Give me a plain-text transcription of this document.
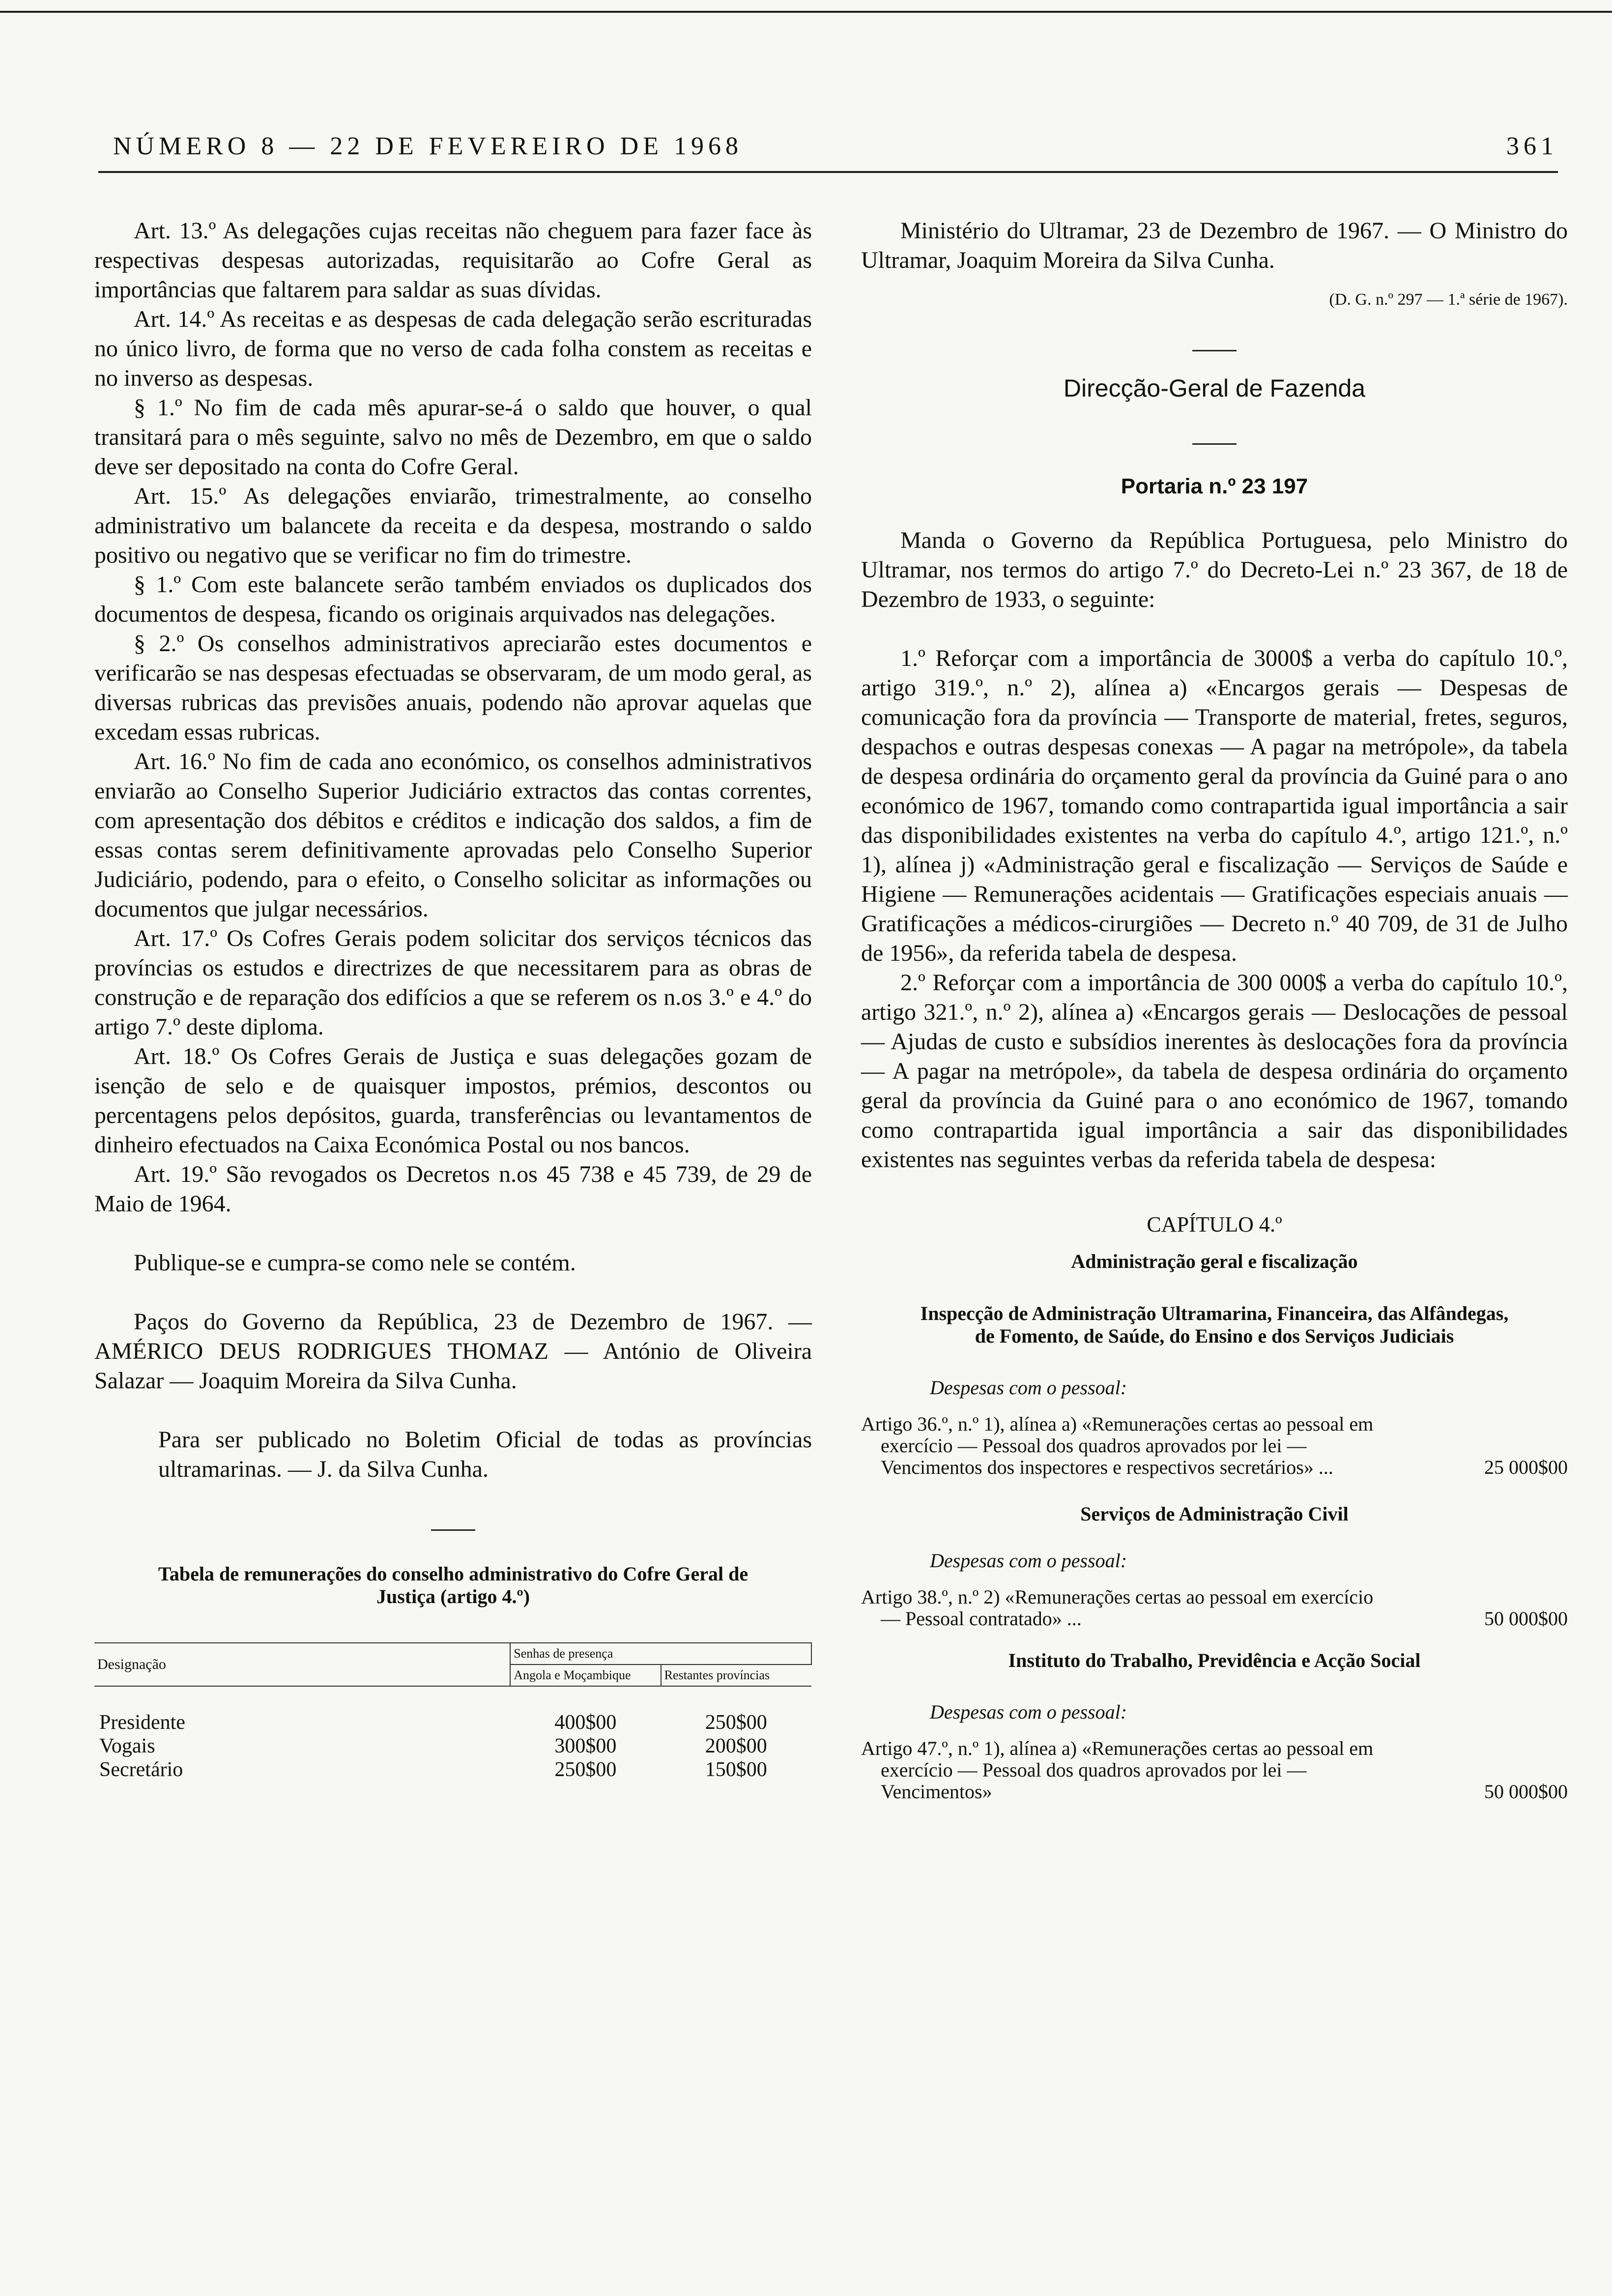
NÚMERO 8 — 22 DE FEVEREIRO DE 1968	361

Art. 13.º As delegações cujas receitas não cheguem para fazer face às respectivas despesas autorizadas, requisitarão ao Cofre Geral as importâncias que faltarem para saldar as suas dívidas.

Art. 14.º As receitas e as despesas de cada delegação serão escrituradas no único livro, de forma que no verso de cada folha constem as receitas e no inverso as despesas.

§ 1.º No fim de cada mês apurar-se-á o saldo que houver, o qual transitará para o mês seguinte, salvo no mês de Dezembro, em que o saldo deve ser depositado na conta do Cofre Geral.

Art. 15.º As delegações enviarão, trimestralmente, ao conselho administrativo um balancete da receita e da despesa, mostrando o saldo positivo ou negativo que se verificar no fim do trimestre.

§ 1.º Com este balancete serão também enviados os duplicados dos documentos de despesa, ficando os originais arquivados nas delegações.

§ 2.º Os conselhos administrativos apreciarão estes documentos e verificarão se nas despesas efectuadas se observaram, de um modo geral, as diversas rubricas das previsões anuais, podendo não aprovar aquelas que excedam essas rubricas.

Art. 16.º No fim de cada ano económico, os conselhos administrativos enviarão ao Conselho Superior Judiciário extractos das contas correntes, com apresentação dos débitos e créditos e indicação dos saldos, a fim de essas contas serem definitivamente aprovadas pelo Conselho Superior Judiciário, podendo, para o efeito, o Conselho solicitar as informações ou documentos que julgar necessários.

Art. 17.º Os Cofres Gerais podem solicitar dos serviços técnicos das províncias os estudos e directrizes de que necessitarem para as obras de construção e de reparação dos edifícios a que se referem os n.os 3.º e 4.º do artigo 7.º deste diploma.

Art. 18.º Os Cofres Gerais de Justiça e suas delegações gozam de isenção de selo e de quaisquer impostos, prémios, descontos ou percentagens pelos depósitos, guarda, transferências ou levantamentos de dinheiro efectuados na Caixa Económica Postal ou nos bancos.

Art. 19.º São revogados os Decretos n.os 45 738 e 45 739, de 29 de Maio de 1964.

Publique-se e cumpra-se como nele se contém.

Paços do Governo da República, 23 de Dezembro de 1967. — AMÉRICO DEUS RODRIGUES THOMAZ — António de Oliveira Salazar — Joaquim Moreira da Silva Cunha.

Para ser publicado no Boletim Oficial de todas as províncias ultramarinas. — J. da Silva Cunha.

Tabela de remunerações do conselho administrativo do Cofre Geral de Justiça (artigo 4.º)
Designação	Senhas de presença	
	Angola e Moçambique	Restantes províncias

Presidente	400$00	250$00
Vogais	300$00	200$00
Secretário	250$00	150$00

Ministério do Ultramar, 23 de Dezembro de 1967. — O Ministro do Ultramar, Joaquim Moreira da Silva Cunha.

(D. G. n.º 297 — 1.ª série de 1967).

Direcção-Geral de Fazenda

Portaria n.º 23 197

Manda o Governo da República Portuguesa, pelo Ministro do Ultramar, nos termos do artigo 7.º do Decreto-Lei n.º 23 367, de 18 de Dezembro de 1933, o seguinte:

1.º Reforçar com a importância de 3000$ a verba do capítulo 10.º, artigo 319.º, n.º 2), alínea a) «Encargos gerais — Despesas de comunicação fora da província — Transporte de material, fretes, seguros, despachos e outras despesas conexas — A pagar na metrópole», da tabela de despesa ordinária do orçamento geral da província da Guiné para o ano económico de 1967, tomando como contrapartida igual importância a sair das disponibilidades existentes na verba do capítulo 4.º, artigo 121.º, n.º 1), alínea j) «Administração geral e fiscalização — Serviços de Saúde e Higiene — Remunerações acidentais — Gratificações especiais anuais — Gratificações a médicos-cirurgiões — Decreto n.º 40 709, de 31 de Julho de 1956», da referida tabela de despesa.

2.º Reforçar com a importância de 300 000$ a verba do capítulo 10.º, artigo 321.º, n.º 2), alínea a) «Encargos gerais — Deslocações de pessoal — Ajudas de custo e subsídios inerentes às deslocações fora da província — A pagar na metrópole», da tabela de despesa ordinária do orçamento geral da província da Guiné para o ano económico de 1967, tomando como contrapartida igual importância a sair das disponibilidades existentes nas seguintes verbas da referida tabela de despesa:

CAPÍTULO 4.º

Administração geral e fiscalização
Inspecção de Administração Ultramarina, Financeira, das Alfândegas, de Fomento, de Saúde, do Ensino e dos Serviços Judiciais
Despesas com o pessoal:
Artigo 36.º, n.º 1), alínea a) «Remunerações certas ao pessoal em exercício — Pessoal dos quadros aprovados por lei — Vencimentos dos inspectores e respectivos secretários» ...	25 000$00
Serviços de Administração Civil
Despesas com o pessoal:
Artigo 38.º, n.º 2) «Remunerações certas ao pessoal em exercício — Pessoal contratado» ...	50 000$00
Instituto do Trabalho, Previdência e Acção Social
Despesas com o pessoal:
Artigo 47.º, n.º 1), alínea a) «Remunerações certas ao pessoal em exercício — Pessoal dos quadros aprovados por lei — Vencimentos»	50 000$00
